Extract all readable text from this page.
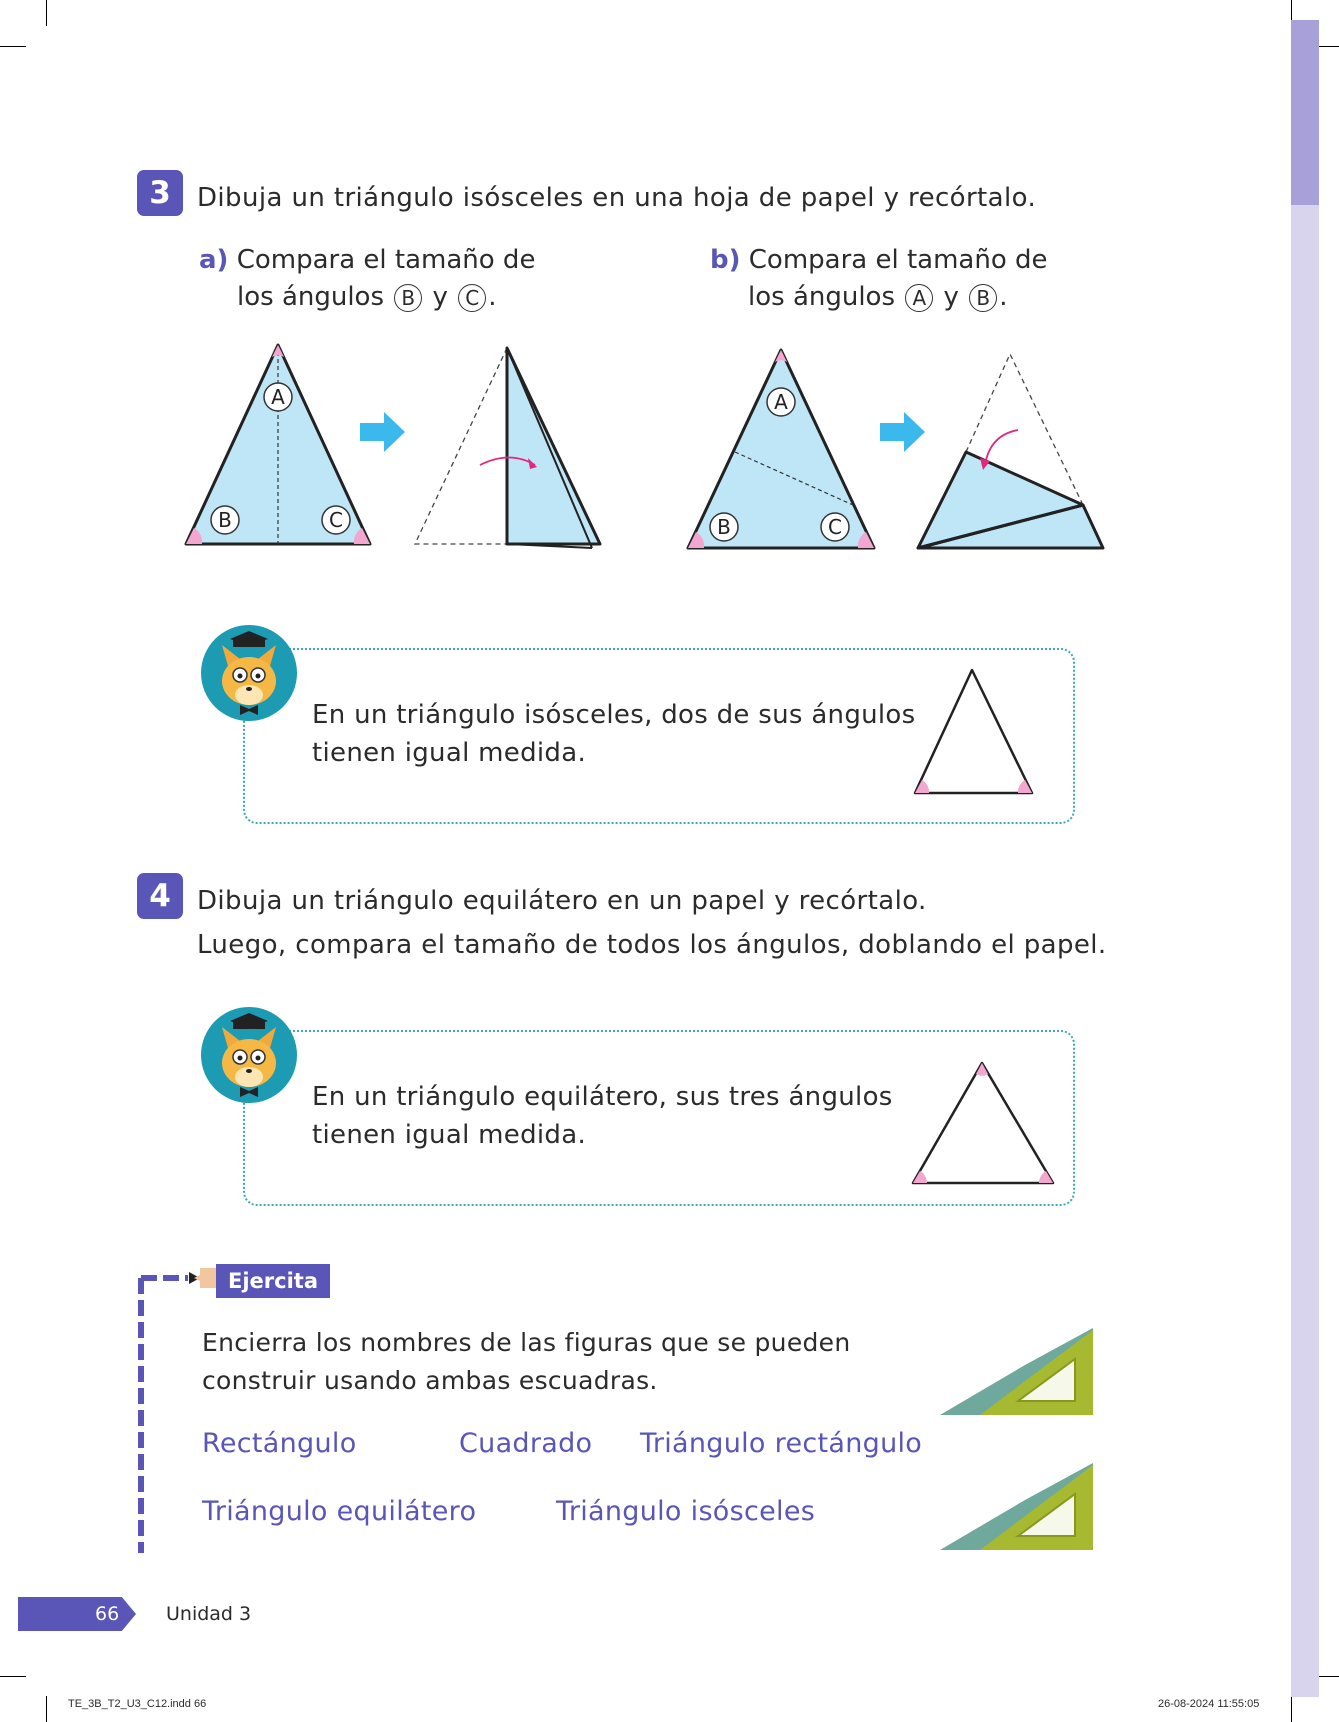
3	Dibuja un triángulo isósceles en una hoja de papel y recórtalo.
a) Compara el tamaño de
los ángulos B y C .
b) Compara el tamaño de
los ángulos A y B .
A
B	C
A
B	C
En un triángulo isósceles, dos de sus ángulos
tienen igual medida.
4	Dibuja un triángulo equilátero en un papel y recórtalo.
Luego, compara el tamaño de todos los ángulos, doblando el papel.
En un triángulo equilátero, sus tres ángulos
tienen igual medida.
Ejercita
Encierra los nombres de las figuras que se pueden
construir usando ambas escuadras.
Rectángulo	Cuadrado Triángulo rectángulo
Triángulo equilátero	Triángulo isósceles
66 Unidad 3
TE_3B_T2_U3_C12.indd 66	26-08-2024 11:55:05
